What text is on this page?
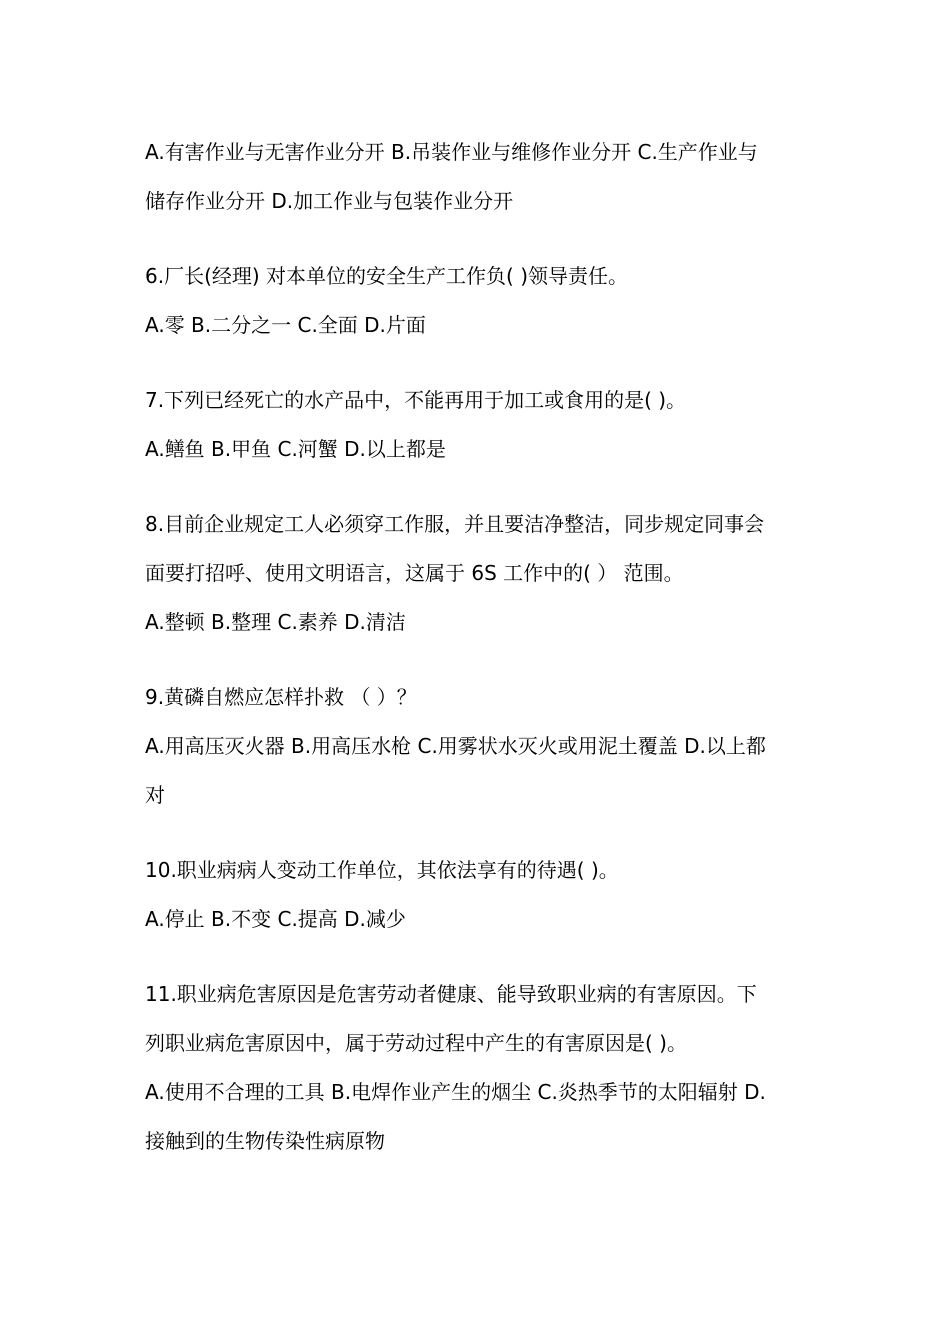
A.有害作业与无害作业分开 B.吊装作业与维修作业分开 C.生产作业与
储存作业分开 D.加工作业与包装作业分开
6.厂长(经理) 对本单位的安全生产工作负( )领导责任。
A.零 B.二分之一 C.全面 D.片面
7.下列已经死亡的水产品中，不能再用于加工或食用的是( )。
A.鳝鱼 B.甲鱼 C.河蟹 D.以上都是
8.目前企业规定工人必须穿工作服，并且要洁净整洁，同步规定同事会
面要打招呼、使用文明语言，这属于 6S 工作中的( ） 范围。
A.整顿 B.整理 C.素养 D.清洁
9.黄磷自燃应怎样扑救 （ ）？
A.用高压灭火器 B.用高压水枪 C.用雾状水灭火或用泥土覆盖 D.以上都
对
10.职业病病人变动工作单位，其依法享有的待遇( )。
A.停止 B.不变 C.提高 D.减少
11.职业病危害原因是危害劳动者健康、能导致职业病的有害原因。下
列职业病危害原因中，属于劳动过程中产生的有害原因是( )。
A.使用不合理的工具 B.电焊作业产生的烟尘 C.炎热季节的太阳辐射 D.
接触到的生物传染性病原物
